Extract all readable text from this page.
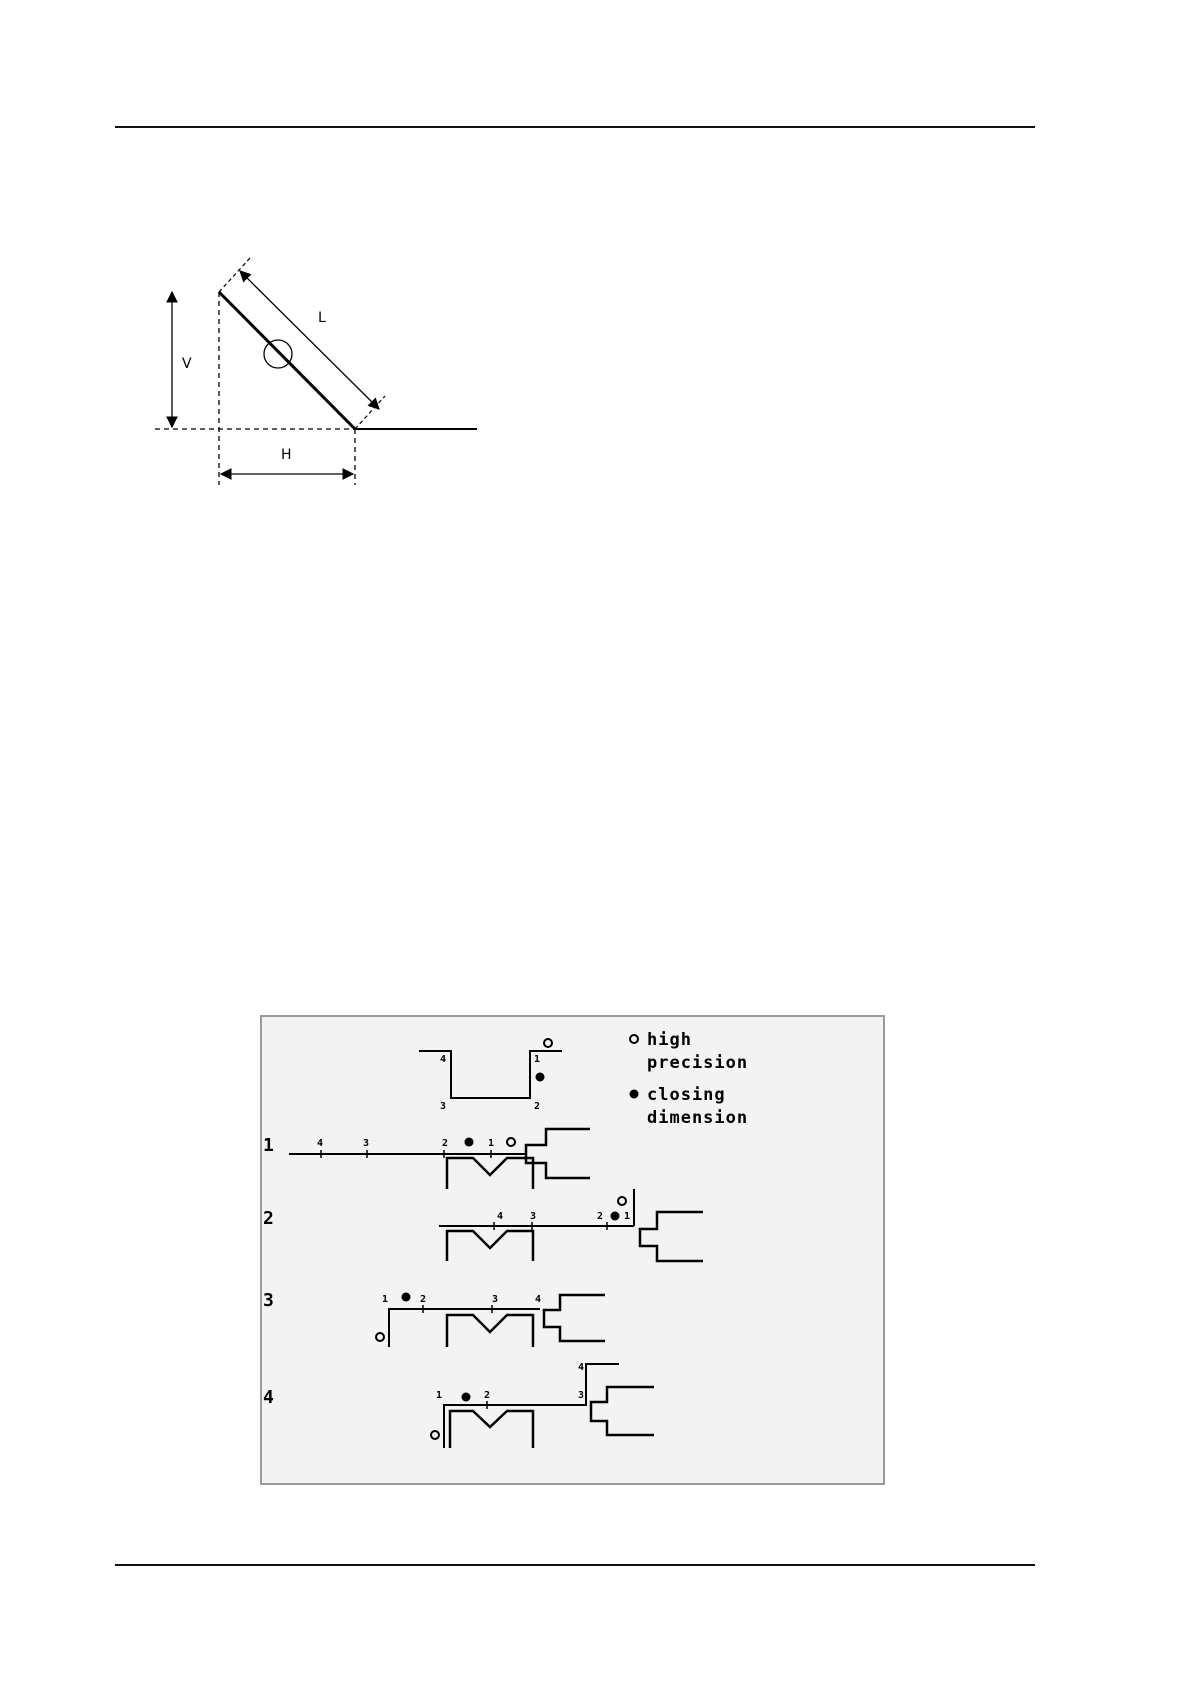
L
V
H
high
precision
closing
dimension
4	1
3	2
1	4	3	2	1
2	4	3	2 1
3	1	2	3	4
4
4
1	2	3
